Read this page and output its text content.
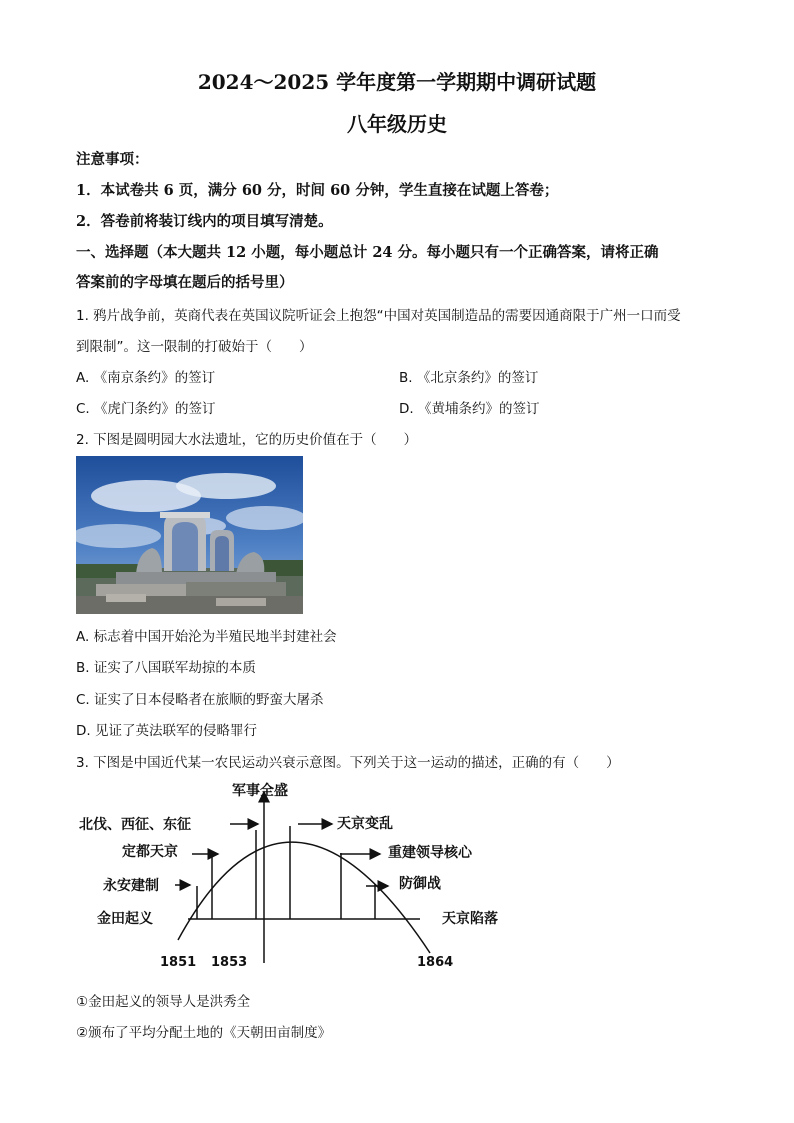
2024～2025 学年度第一学期期中调研试题
八年级历史
注意事项：
1．本试卷共 6 页，满分 60 分，时间 60 分钟，学生直接在试题上答卷；
2．答卷前将装订线内的项目填写清楚。
一、选择题（本大题共 12 小题，每小题总计 24 分。每小题只有一个正确答案，请将正确
答案前的字母填在题后的括号里）
1. 鸦片战争前，英商代表在英国议院听证会上抱怨“中国对英国制造品的需要因通商限于广州一口而受
到限制”。这一限制的打破始于（　　）
A. 《南京条约》的签订	B. 《北京条约》的签订
C. 《虎门条约》的签订	D. 《黄埔条约》的签订
2. 下图是圆明园大水法遗址，它的历史价值在于（　　）
A. 标志着中国开始沦为半殖民地半封建社会
B. 证实了八国联军劫掠的本质
C. 证实了日本侵略者在旅顺的野蛮大屠杀
D. 见证了英法联军的侵略罪行
3. 下图是中国近代某一农民运动兴衰示意图。下列关于这一运动的描述，正确的有（　　）
军事全盛
北伐、西征、东征
定都天京
永安建制
金田起义
天京变乱
重建领导核心
防御战
天京陷落
1851 1853	1864
①金田起义的领导人是洪秀全
②颁布了平均分配土地的《天朝田亩制度》
